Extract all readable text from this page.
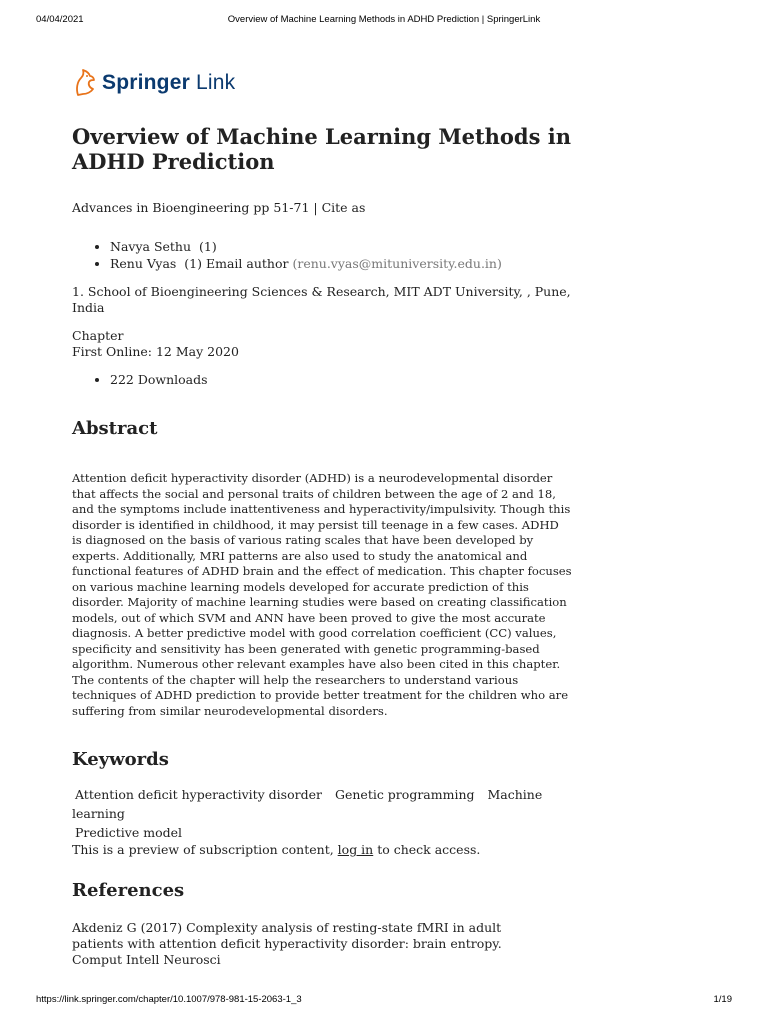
04/04/2021	Overview of Machine Learning Methods in ADHD Prediction | SpringerLink
Springer Link
Overview of Machine Learning Methods in ADHD Prediction

Advances in Bioengineering pp 51-71 | Cite as

• Navya Sethu (1)
• Renu Vyas (1) Email author (renu.vyas@mituniversity.edu.in)

1. School of Bioengineering Sciences & Research, MIT ADT University, , Pune, India

Chapter
First Online: 12 May 2020
• 222 Downloads
Abstract

Attention deficit hyperactivity disorder (ADHD) is a neurodevelopmental disorder that affects the social and personal traits of children between the age of 2 and 18, and the symptoms include inattentiveness and hyperactivity/impulsivity. Though this disorder is identified in childhood, it may persist till teenage in a few cases. ADHD is diagnosed on the basis of various rating scales that have been developed by experts. Additionally, MRI patterns are also used to study the anatomical and functional features of ADHD brain and the effect of medication. This chapter focuses on various machine learning models developed for accurate prediction of this disorder. Majority of machine learning studies were based on creating classification models, out of which SVM and ANN have been proved to give the most accurate diagnosis. A better predictive model with good correlation coefficient (CC) values, specificity and sensitivity has been generated with genetic programming-based algorithm. Numerous other relevant examples have also been cited in this chapter. The contents of the chapter will help the researchers to understand various techniques of ADHD prediction to provide better treatment for the children who are suffering from similar neurodevelopmental disorders.

Keywords
Attention deficit hyperactivity disorder Genetic programming Machine learning
Predictive model

This is a preview of subscription content, log in to check access.

References

Akdeniz G (2017) Complexity analysis of resting-state fMRI in adult patients with attention deficit hyperactivity disorder: brain entropy. Comput Intell Neurosci

https://link.springer.com/chapter/10.1007/978-981-15-2063-1_3	1/19
